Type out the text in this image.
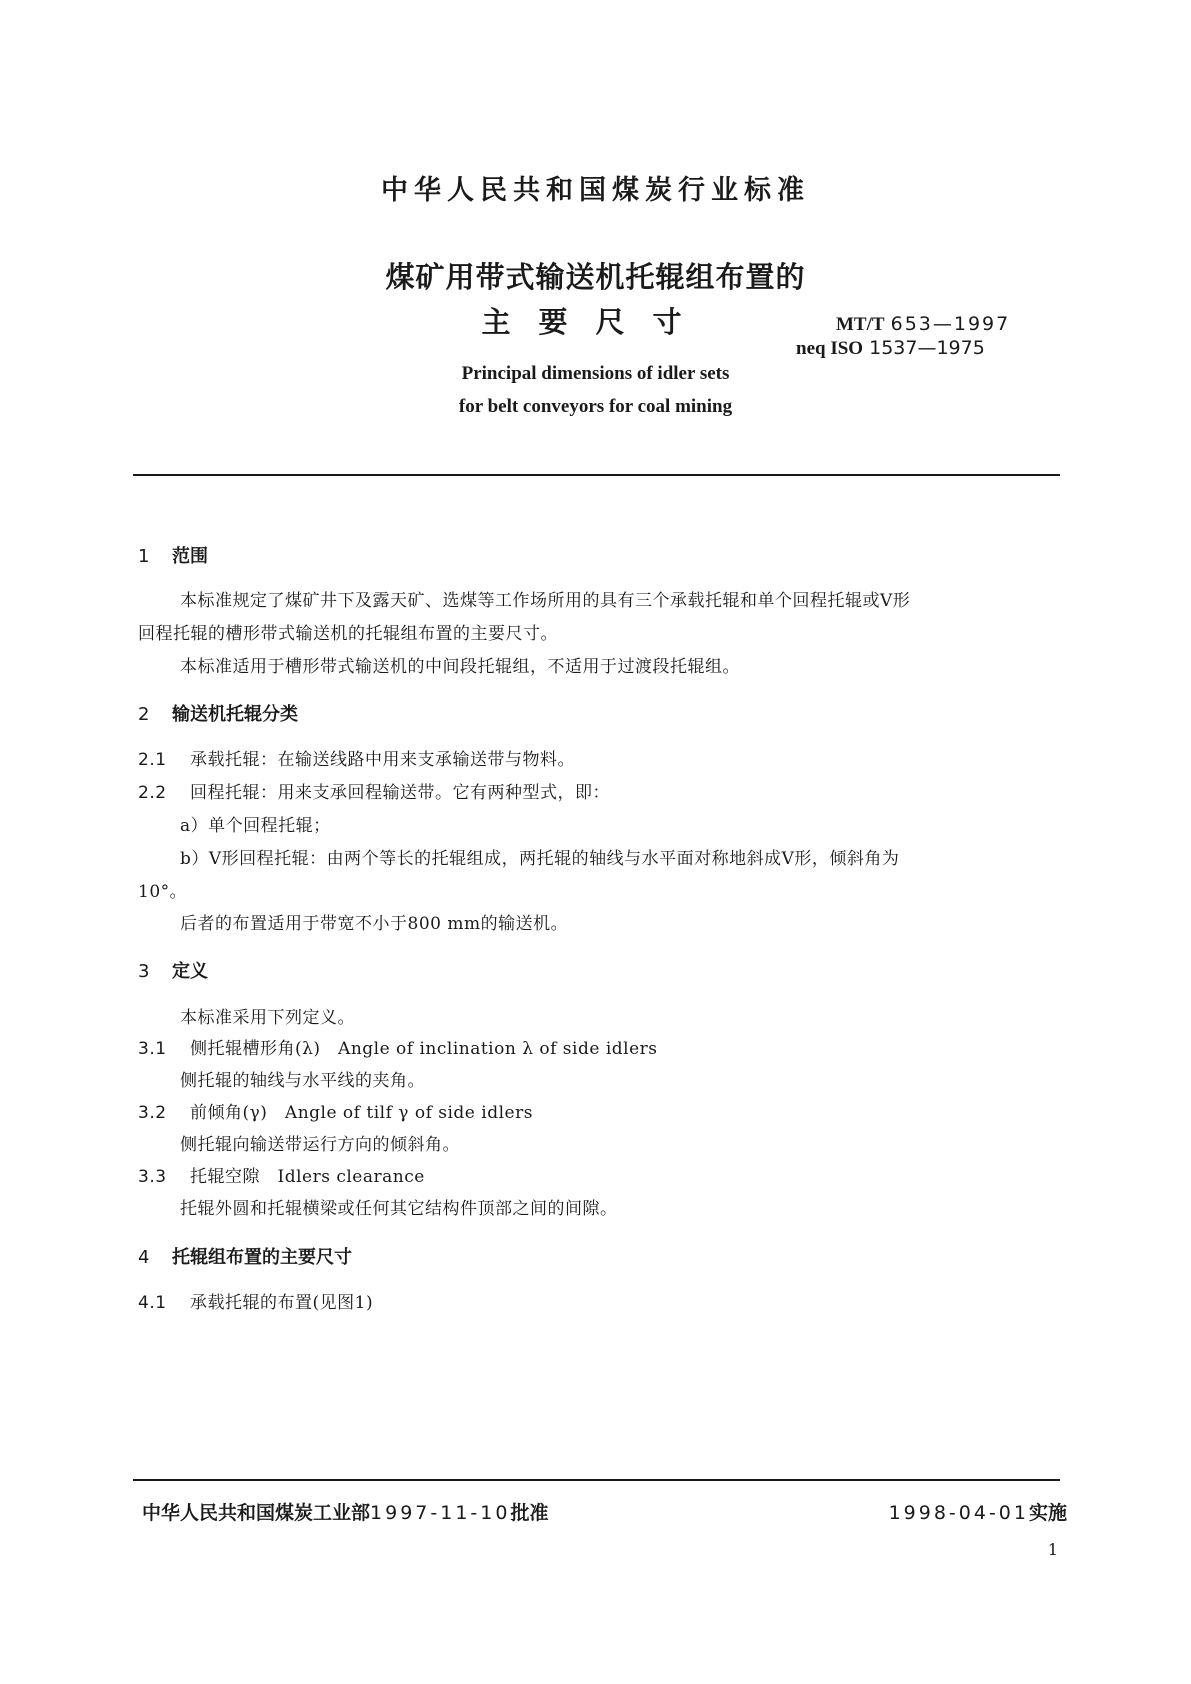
中华人民共和国煤炭行业标准
煤矿用带式输送机托辊组布置的
主要尺寸	MT/T 653—1997
neq ISO 1537—1975
Principal dimensions of idler sets
for belt conveyors for coal mining
1 范围
本标准规定了煤矿井下及露天矿、选煤等工作场所用的具有三个承载托辊和单个回程托辊或V形
回程托辊的槽形带式输送机的托辊组布置的主要尺寸。
本标准适用于槽形带式输送机的中间段托辊组，不适用于过渡段托辊组。
2 输送机托辊分类
2.1 承载托辊：在输送线路中用来支承输送带与物料。
2.2 回程托辊：用来支承回程输送带。它有两种型式，即：
a）单个回程托辊；
b）V形回程托辊：由两个等长的托辊组成，两托辊的轴线与水平面对称地斜成V形，倾斜角为
10°。
后者的布置适用于带宽不小于800 mm的输送机。
3 定义
本标准采用下列定义。
3.1 侧托辊槽形角(λ)　Angle of inclination λ of side idlers
侧托辊的轴线与水平线的夹角。
3.2 前倾角(γ)　Angle of tilf γ of side idlers
侧托辊向输送带运行方向的倾斜角。
3.3 托辊空隙　Idlers clearance
托辊外圆和托辊横梁或任何其它结构件顶部之间的间隙。
4 托辊组布置的主要尺寸
4.1 承载托辊的布置(见图1)
中华人民共和国煤炭工业部1997-11-10批准	1998-04-01实施
1
